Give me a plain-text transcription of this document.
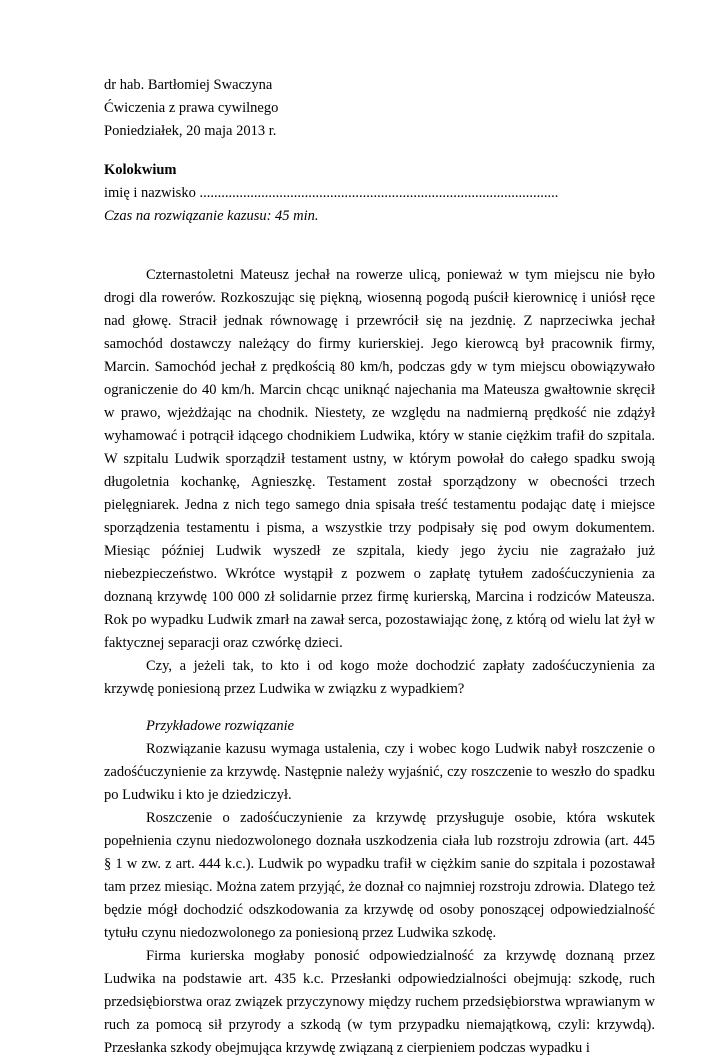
dr hab. Bartłomiej Swaczyna
Ćwiczenia z prawa cywilnego
Poniedziałek, 20 maja 2013 r.
Kolokwium
imię i nazwisko ...................................................................................................
Czas na rozwiązanie kazusu: 45 min.

Czternastoletni Mateusz jechał na rowerze ulicą, ponieważ w tym miejscu nie było drogi dla rowerów. Rozkoszując się piękną, wiosenną pogodą puścił kierownicę i uniósł ręce nad głowę. Stracił jednak równowagę i przewrócił się na jezdnię. Z naprzeciwka jechał samochód dostawczy należący do firmy kurierskiej. Jego kierowcą był pracownik firmy, Marcin. Samochód jechał z prędkością 80 km/h, podczas gdy w tym miejscu obowiązywało ograniczenie do 40 km/h. Marcin chcąc uniknąć najechania ma Mateusza gwałtownie skręcił w prawo, wjeżdżając na chodnik. Niestety, ze względu na nadmierną prędkość nie zdążył wyhamować i potrącił idącego chodnikiem Ludwika, który w stanie ciężkim trafił do szpitala. W szpitalu Ludwik sporządził testament ustny, w którym powołał do całego spadku swoją długoletnia kochankę, Agnieszkę. Testament został sporządzony w obecności trzech pielęgniarek. Jedna z nich tego samego dnia spisała treść testamentu podając datę i miejsce sporządzenia testamentu i pisma, a wszystkie trzy podpisały się pod owym dokumentem. Miesiąc później Ludwik wyszedł ze szpitala, kiedy jego życiu nie zagrażało już niebezpieczeństwo. Wkrótce wystąpił z pozwem o zapłatę tytułem zadośćuczynienia za doznaną krzywdę 100 000 zł solidarnie przez firmę kurierską, Marcina i rodziców Mateusza. Rok po wypadku Ludwik zmarł na zawał serca, pozostawiając żonę, z którą od wielu lat żył w faktycznej separacji oraz czwórkę dzieci.

Czy, a jeżeli tak, to kto i od kogo może dochodzić zapłaty zadośćuczynienia za krzywdę poniesioną przez Ludwika w związku z wypadkiem?

Przykładowe rozwiązanie

Rozwiązanie kazusu wymaga ustalenia, czy i wobec kogo Ludwik nabył roszczenie o zadośćuczynienie za krzywdę. Następnie należy wyjaśnić, czy roszczenie to weszło do spadku po Ludwiku i kto je dziedziczył.

Roszczenie o zadośćuczynienie za krzywdę przysługuje osobie, która wskutek popełnienia czynu niedozwolonego doznała uszkodzenia ciała lub rozstroju zdrowia (art. 445 § 1 w zw. z art. 444 k.c.). Ludwik po wypadku trafił w ciężkim sanie do szpitala i pozostawał tam przez miesiąc. Można zatem przyjąć, że doznał co najmniej rozstroju zdrowia. Dlatego też będzie mógł dochodzić odszkodowania za krzywdę od osoby ponoszącej odpowiedzialność tytułu czynu niedozwolonego za poniesioną przez Ludwika szkodę.

Firma kurierska mogłaby ponosić odpowiedzialność za krzywdę doznaną przez Ludwika na podstawie art. 435 k.c. Przesłanki odpowiedzialności obejmują: szkodę, ruch przedsiębiorstwa oraz związek przyczynowy między ruchem przedsiębiorstwa wprawianym w ruch za pomocą sił przyrody a szkodą (w tym przypadku niemajątkową, czyli: krzywdą). Przesłanka szkody obejmująca krzywdę związaną z cierpieniem podczas wypadku i
